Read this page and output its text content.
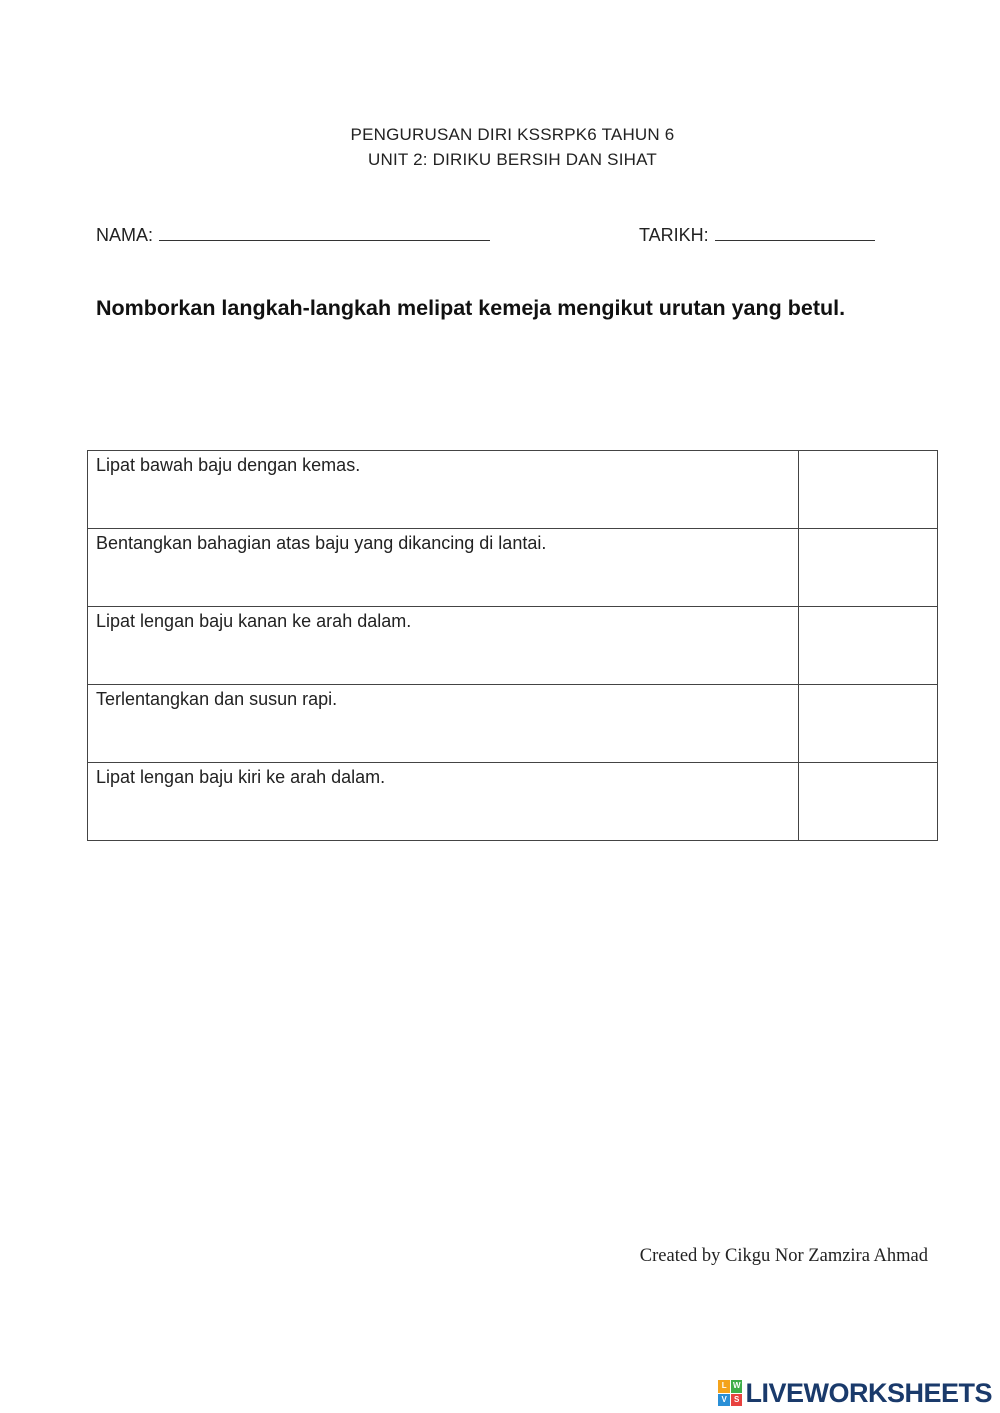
PENGURUSAN DIRI KSSRPK6 TAHUN 6
UNIT 2: DIRIKU BERSIH DAN SIHAT
NAMA:	TARIKH:
Nomborkan langkah-langkah melipat kemeja mengikut urutan yang betul.
Lipat bawah baju dengan kemas.	
Bentangkan bahagian atas baju yang dikancing di lantai.	
Lipat lengan baju kanan ke arah dalam.	
Terlentangkan dan susun rapi.	
Lipat lengan baju kiri ke arah dalam.	
Created by Cikgu Nor Zamzira Ahmad
L W
V S LIVEWORKSHEETS
